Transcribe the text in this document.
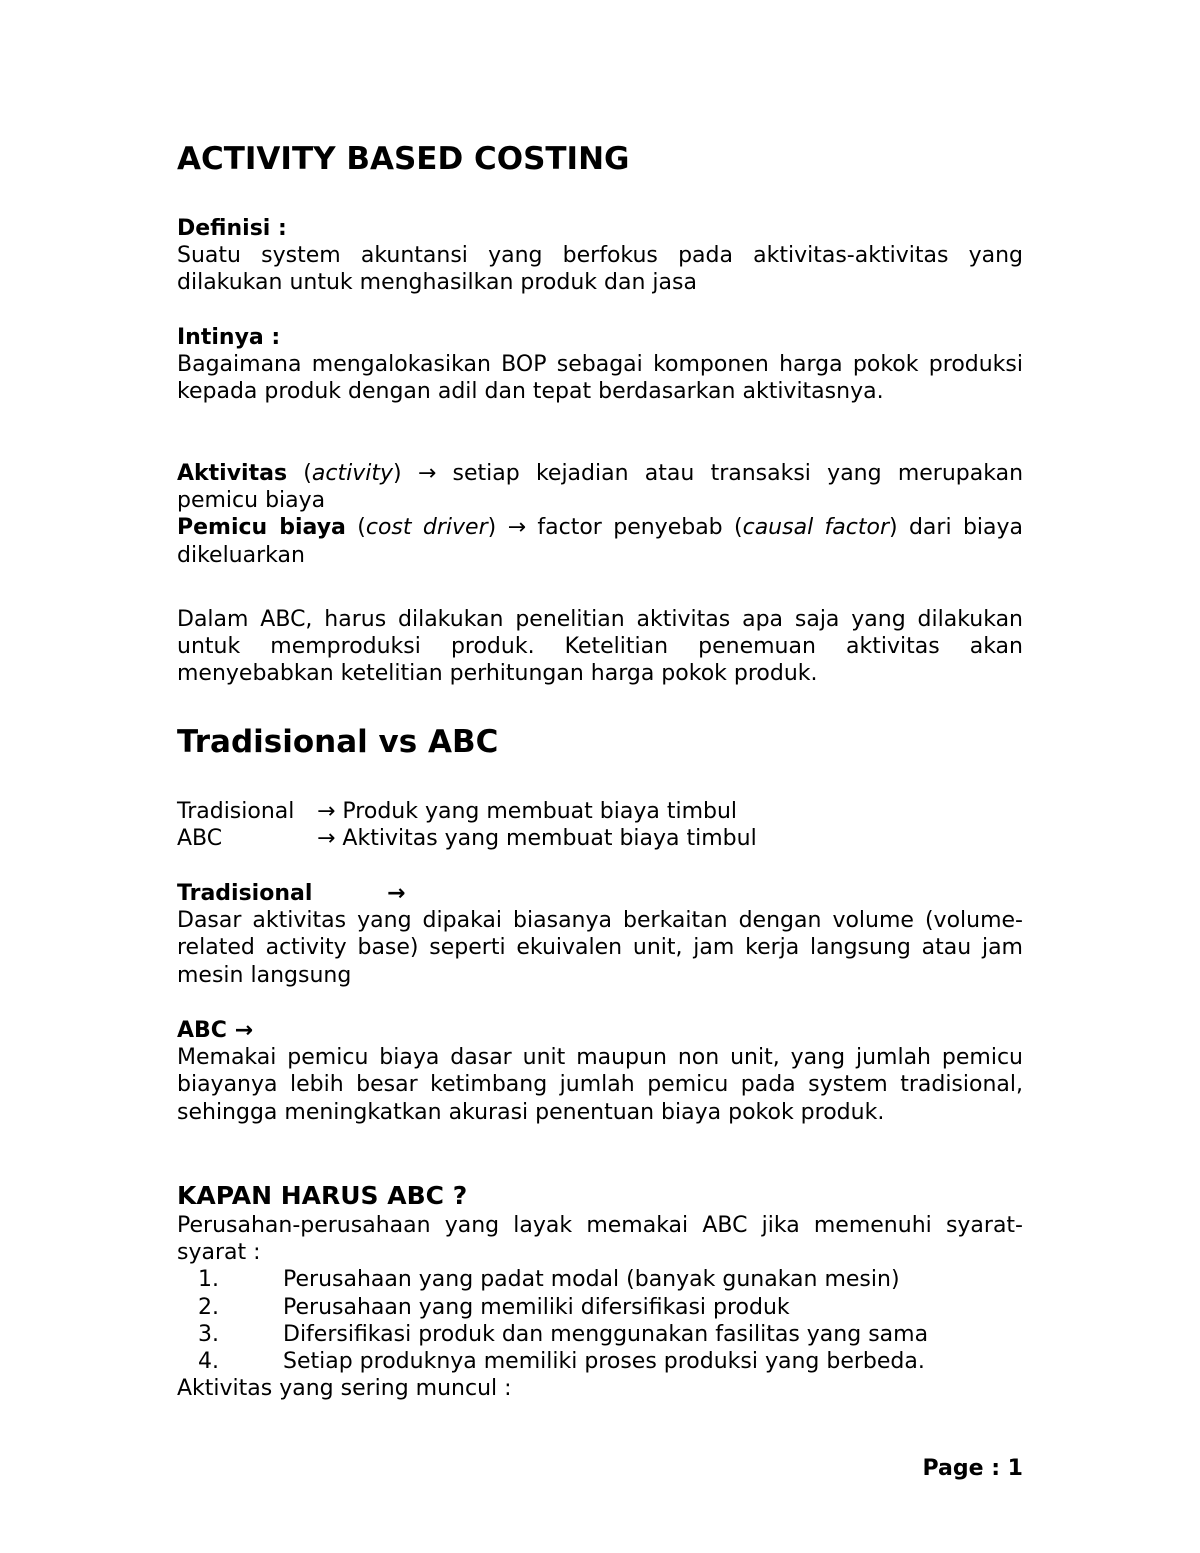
ACTIVITY BASED COSTING

Definisi :

Suatu system akuntansi yang berfokus pada aktivitas-aktivitas yang dilakukan untuk menghasilkan produk dan jasa

Intinya :

Bagaimana mengalokasikan BOP sebagai komponen harga pokok produksi kepada produk dengan adil dan tepat berdasarkan aktivitasnya.

Aktivitas (activity) → setiap kejadian atau transaksi yang merupakan pemicu biaya

Pemicu biaya (cost driver) → factor penyebab (causal factor) dari biaya dikeluarkan

Dalam ABC, harus dilakukan penelitian aktivitas apa saja yang dilakukan untuk memproduksi produk. Ketelitian penemuan aktivitas akan menyebabkan ketelitian perhitungan harga pokok produk.

Tradisional vs ABC

Tradisional → Produk yang membuat biaya timbul

ABC	→ Aktivitas yang membuat biaya timbul

Tradisional	→

Dasar aktivitas yang dipakai biasanya berkaitan dengan volume (volume-related activity base) seperti ekuivalen unit, jam kerja langsung atau jam mesin langsung

ABC →

Memakai pemicu biaya dasar unit maupun non unit, yang jumlah pemicu biayanya lebih besar ketimbang jumlah pemicu pada system tradisional, sehingga meningkatkan akurasi penentuan biaya pokok produk.

KAPAN HARUS ABC ?

Perusahan-perusahaan yang layak memakai ABC jika memenuhi syarat-syarat :

1.	Perusahaan yang padat modal (banyak gunakan mesin)
2.	Perusahaan yang memiliki difersifikasi produk
3.	Difersifikasi produk dan menggunakan fasilitas yang sama
4.	Setiap produknya memiliki proses produksi yang berbeda.

Aktivitas yang sering muncul :

Page : 1
